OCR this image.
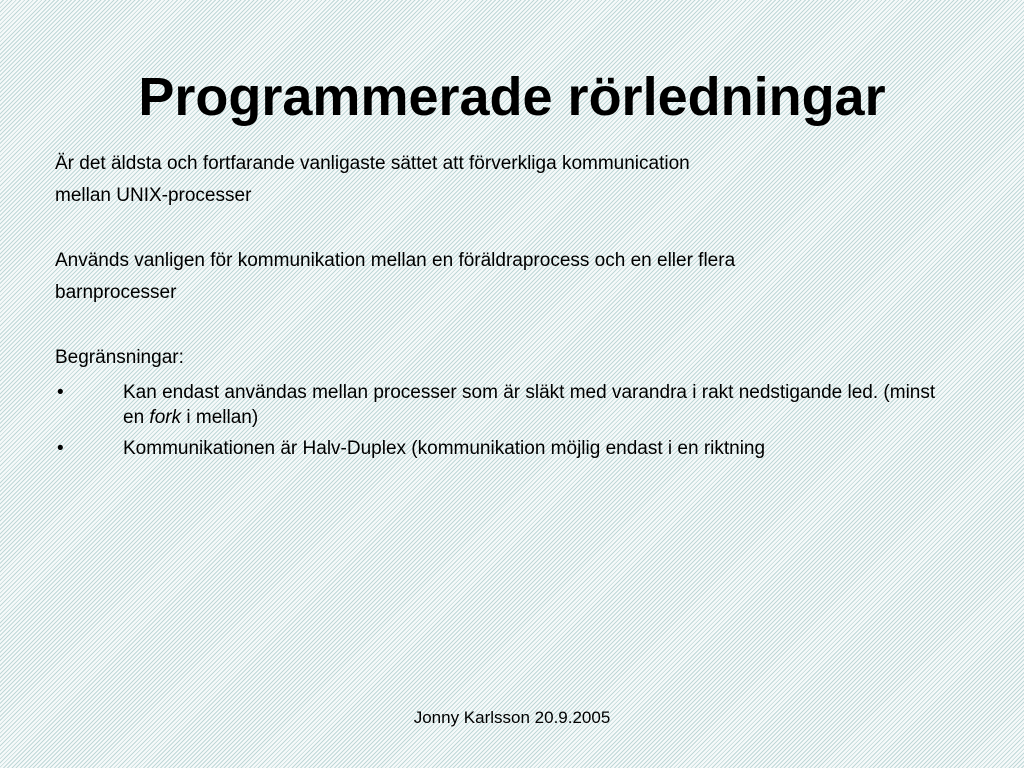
Programmerade rörledningar

Är det äldsta och fortfarande vanligaste sättet att förverkliga kommunication

mellan UNIX-processer

Används vanligen för kommunikation mellan en föräldraprocess och en eller flera

barnprocesser

Begränsningar:

•	Kan endast användas mellan processer som är släkt med varandra i rakt nedstigande led. (minst en fork i mellan)
•	Kommunikationen är Halv-Duplex (kommunikation möjlig endast i en riktning
Jonny Karlsson 20.9.2005
